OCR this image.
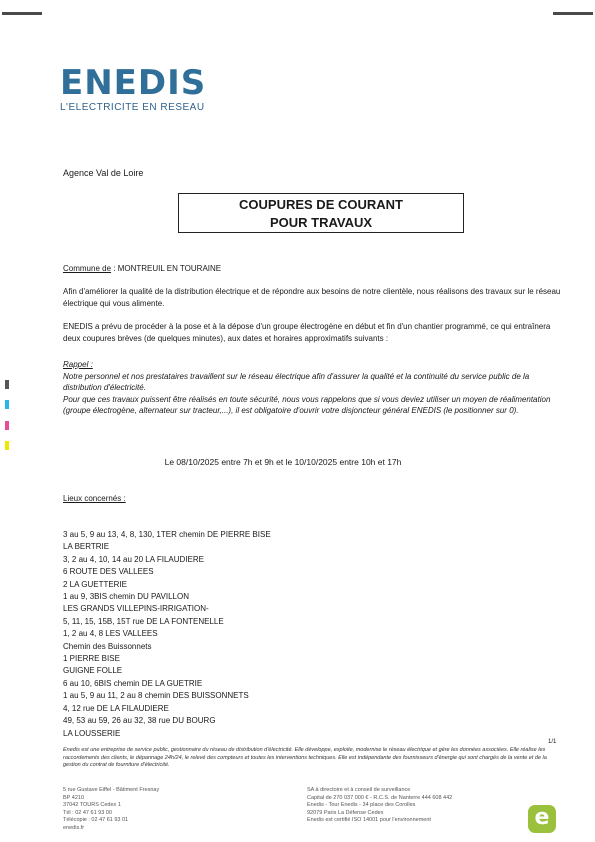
ENEDIS
L'ELECTRICITE EN RESEAU
Agence Val de Loire
COUPURES DE COURANT
POUR TRAVAUX
Commune de : MONTREUIL EN TOURAINE
Afin d'améliorer la qualité de la distribution électrique et de répondre aux besoins de notre clientèle, nous réalisons des travaux sur le réseau électrique qui vous alimente.
ENEDIS a prévu de procéder à la pose et à la dépose d'un groupe électrogène en début et fin d'un chantier programmé, ce qui entraînera deux coupures brèves (de quelques minutes), aux dates et horaires approximatifs suivants :
Rappel :
Notre personnel et nos prestataires travaillent sur le réseau électrique afin d'assurer la qualité et la continuité du service public de la distribution d'électricité.
Pour que ces travaux puissent être réalisés en toute sécurité, nous vous rappelons que si vous deviez utiliser un moyen de réalimentation (groupe électrogène, alternateur sur tracteur,...), il est obligatoire d'ouvrir votre disjoncteur général ENEDIS (le positionner sur 0).
Le 08/10/2025 entre 7h et 9h et le 10/10/2025 entre 10h et 17h
Lieux concernés :
3 au 5, 9 au 13, 4, 8, 130, 1TER chemin DE PIERRE BISE
LA BERTRIE
3, 2 au 4, 10, 14 au 20 LA FILAUDIERE
6 ROUTE DES VALLEES
2 LA GUETTERIE
1 au 9, 3BIS chemin DU PAVILLON
LES GRANDS VILLEPINS-IRRIGATION-
5, 11, 15, 15B, 15T rue DE LA FONTENELLE
1, 2 au 4, 8 LES VALLEES
Chemin des Buissonnets
1 PIERRE BISE
GUIGNE FOLLE
6 au 10, 6BIS chemin DE LA GUETRIE
1 au 5, 9 au 11, 2 au 8 chemin DES BUISSONNETS
4, 12 rue DE LA FILAUDIERE
49, 53 au 59, 26 au 32, 38 rue DU BOURG
LA LOUSSERIE
1/1
Enedis est une entreprise de service public, gestionnaire du réseau de distribution d'électricité. Elle développe, exploite, modernise le réseau électrique et gère les données associées. Elle réalise les raccordements des clients, le dépannage 24h/24, le relevé des compteurs et toutes les interventions techniques. Elle est indépendante des fournisseurs d'énergie qui sont chargés de la vente et de la gestion du contrat de fourniture d'électricité.
5 rue Gustave Eiffel - Bâtiment Fresnay
BP 4210
37042 TOURS Cedex 1
Tél : 02 47 61 93 00
Télécopie : 02 47 61 93 01
enedis.fr
SA à directoire et à conseil de surveillance
Capital de 270 037 000 € - R.C.S. de Nanterre 444 608 442
Enedis - Tour Enedis - 34 place des Corolles
92079 Paris La Défense Cedex
Enedis est certifié ISO 14001 pour l'environnement	e
